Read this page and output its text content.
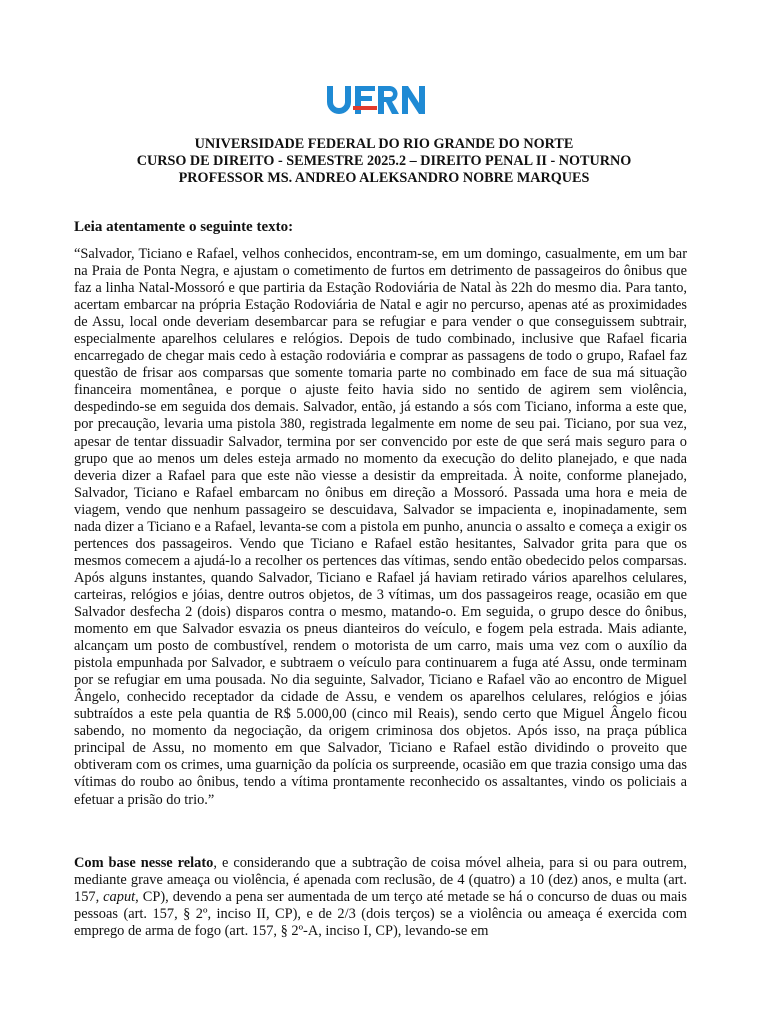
UNIVERSIDADE FEDERAL DO RIO GRANDE DO NORTE
CURSO DE DIREITO - SEMESTRE 2025.2 – DIREITO PENAL II - NOTURNO
PROFESSOR MS. ANDREO ALEKSANDRO NOBRE MARQUES
Leia atentamente o seguinte texto:

“Salvador, Ticiano e Rafael, velhos conhecidos, encontram-se, em um domingo, casualmente, em um bar na Praia de Ponta Negra, e ajustam o cometimento de furtos em detrimento de passageiros do ônibus que faz a linha Natal-Mossoró e que partiria da Estação Rodoviária de Natal às 22h do mesmo dia. Para tanto, acertam embarcar na própria Estação Rodoviária de Natal e agir no percurso, apenas até as proximidades de Assu, local onde deveriam desembarcar para se refugiar e para vender o que conseguissem subtrair, especialmente aparelhos celulares e relógios. Depois de tudo combinado, inclusive que Rafael ficaria encarregado de chegar mais cedo à estação rodoviária e comprar as passagens de todo o grupo, Rafael faz questão de frisar aos comparsas que somente tomaria parte no combinado em face de sua má situação financeira momentânea, e porque o ajuste feito havia sido no sentido de agirem sem violência, despedindo-se em seguida dos demais. Salvador, então, já estando a sós com Ticiano, informa a este que, por precaução, levaria uma pistola 380, registrada legalmente em nome de seu pai. Ticiano, por sua vez, apesar de tentar dissuadir Salvador, termina por ser convencido por este de que será mais seguro para o grupo que ao menos um deles esteja armado no momento da execução do delito planejado, e que nada deveria dizer a Rafael para que este não viesse a desistir da empreitada. À noite, conforme planejado, Salvador, Ticiano e Rafael embarcam no ônibus em direção a Mossoró. Passada uma hora e meia de viagem, vendo que nenhum passageiro se descuidava, Salvador se impacienta e, inopinadamente, sem nada dizer a Ticiano e a Rafael, levanta-se com a pistola em punho, anuncia o assalto e começa a exigir os pertences dos passageiros. Vendo que Ticiano e Rafael estão hesitantes, Salvador grita para que os mesmos comecem a ajudá-lo a recolher os pertences das vítimas, sendo então obedecido pelos comparsas. Após alguns instantes, quando Salvador, Ticiano e Rafael já haviam retirado vários aparelhos celulares, carteiras, relógios e jóias, dentre outros objetos, de 3 vítimas, um dos passageiros reage, ocasião em que Salvador desfecha 2 (dois) disparos contra o mesmo, matando-o. Em seguida, o grupo desce do ônibus, momento em que Salvador esvazia os pneus dianteiros do veículo, e fogem pela estrada. Mais adiante, alcançam um posto de combustível, rendem o motorista de um carro, mais uma vez com o auxílio da pistola empunhada por Salvador, e subtraem o veículo para continuarem a fuga até Assu, onde terminam por se refugiar em uma pousada. No dia seguinte, Salvador, Ticiano e Rafael vão ao encontro de Miguel Ângelo, conhecido receptador da cidade de Assu, e vendem os aparelhos celulares, relógios e jóias subtraídos a este pela quantia de R$ 5.000,00 (cinco mil Reais), sendo certo que Miguel Ângelo ficou sabendo, no momento da negociação, da origem criminosa dos objetos. Após isso, na praça pública principal de Assu, no momento em que Salvador, Ticiano e Rafael estão dividindo o proveito que obtiveram com os crimes, uma guarnição da polícia os surpreende, ocasião em que trazia consigo uma das vítimas do roubo ao ônibus, tendo a vítima prontamente reconhecido os assaltantes, vindo os policiais a efetuar a prisão do trio.”

Com base nesse relato, e considerando que a subtração de coisa móvel alheia, para si ou para outrem, mediante grave ameaça ou violência, é apenada com reclusão, de 4 (quatro) a 10 (dez) anos, e multa (art. 157, caput, CP), devendo a pena ser aumentada de um terço até metade se há o concurso de duas ou mais pessoas (art. 157, § 2º, inciso II, CP), e de 2/3 (dois terços) se a violência ou ameaça é exercida com emprego de arma de fogo (art. 157, § 2º-A, inciso I, CP), levando-se em
